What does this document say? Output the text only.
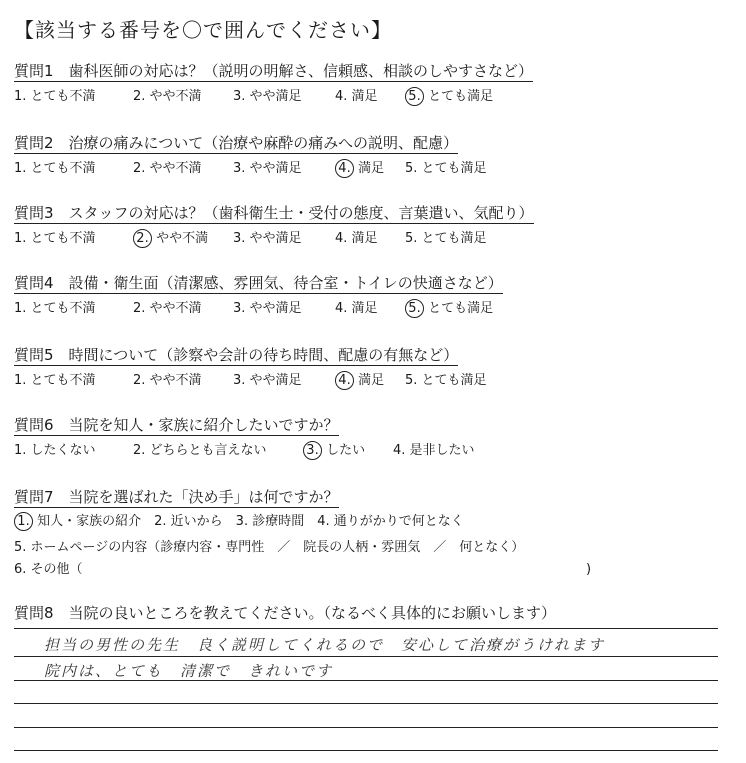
【該当する番号を〇で囲んでください】
質問1　歯科医師の対応は？（説明の明解さ、信頼感、相談のしやすさなど）
1. とても不満	2. やや不満 3. やや満足	4. 満足 5. とても満足
質問2　治療の痛みについて（治療や麻酔の痛みへの説明、配慮）
1. とても不満	2. やや不満 3. やや満足	4. 満足 5. とても満足
質問3　スタッフの対応は？（歯科衛生士・受付の態度、言葉遣い、気配り）
1. とても不満	2. やや不満 3. やや満足	4. 満足 5. とても満足
質問4　設備・衛生面（清潔感、雰囲気、待合室・トイレの快適さなど）
1. とても不満	2. やや不満 3. やや満足	4. 満足 5. とても満足
質問5　時間について（診察や会計の待ち時間、配慮の有無など）
1. とても不満	2. やや不満 3. やや満足	4. 満足 5. とても満足
質問6　当院を知人・家族に紹介したいですか？
1. したくない	2. どちらとも言えない	3. したい 4. 是非したい
質問7　当院を選ばれた「決め手」は何ですか？
1. 知人・家族の紹介　2. 近いから　3. 診療時間　4. 通りがかりで何となく
5. ホームページの内容（診療内容・専門性　／　院長の人柄・雰囲気　／　何となく）
6. その他（	)
質問8　当院の良いところを教えてください。（なるべく具体的にお願いします）
担当の男性の先生　良く説明してくれるので　安心して治療がうけれます
院内は、とても　清潔で　きれいです
